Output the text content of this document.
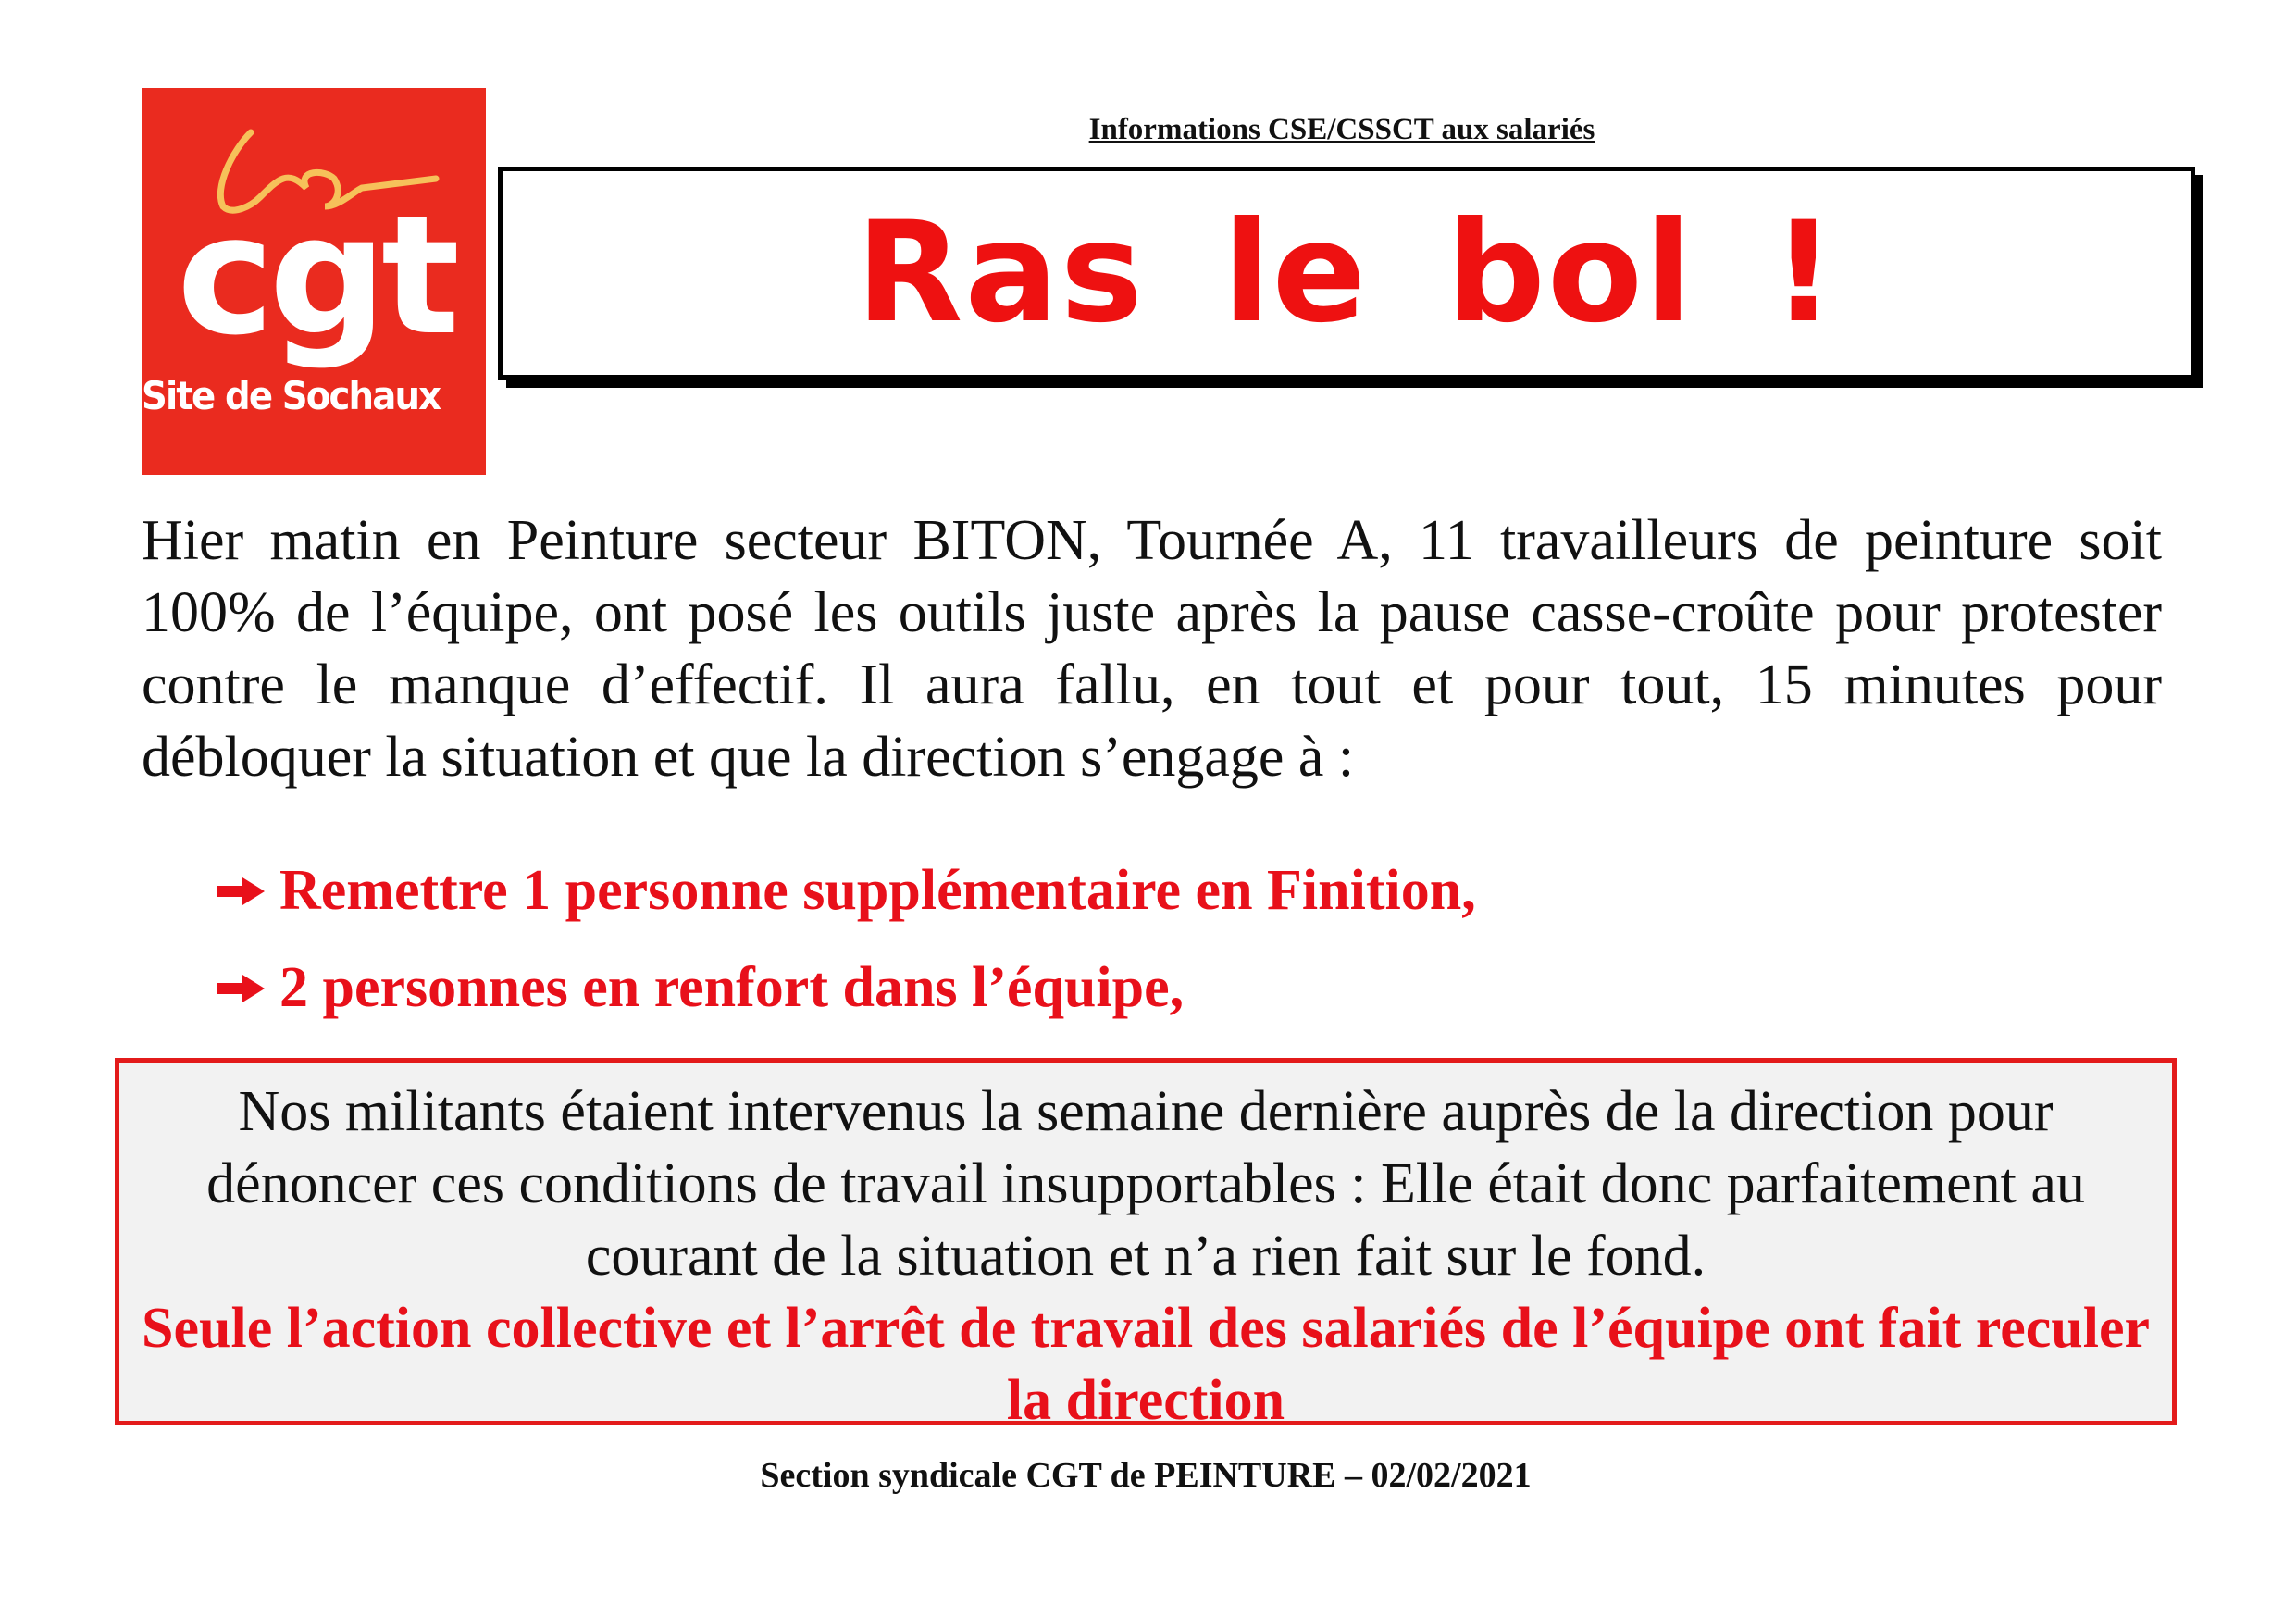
cgt
Site de Sochaux
Informations CSE/CSSCT aux salariés
Ras le bol !

Hier matin en Peinture secteur BITON, Tournée A, 11 travailleurs de peinture soit 100% de l’équipe, ont posé les outils juste après la pause casse-croûte pour protester contre le manque d’effectif. Il aura fallu, en tout et pour tout, 15 minutes pour débloquer la situation et que la direction s’engage à :

Remettre 1 personne supplémentaire en Finition,
2 personnes en renfort dans l’équipe,

Nos militants étaient intervenus la semaine dernière auprès de la direction pour dénoncer ces conditions de travail insupportables : Elle était donc parfaitement au courant de la situation et n’a rien fait sur le fond.

Seule l’action collective et l’arrêt de travail des salariés de l’équipe ont fait reculer la direction

Section syndicale CGT de PEINTURE – 02/02/2021
